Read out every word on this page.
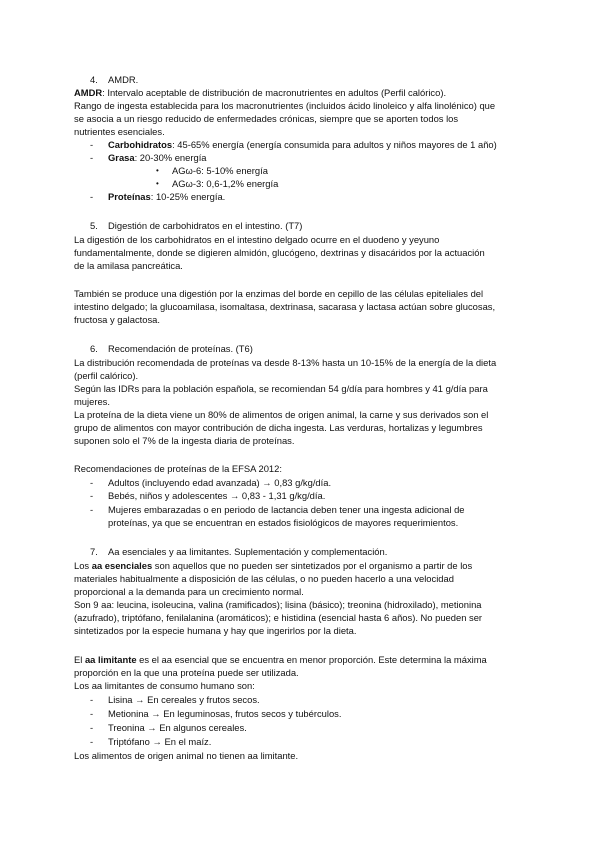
4. AMDR.
AMDR: Intervalo aceptable de distribución de macronutrientes en adultos (Perfil calórico).
Rango de ingesta establecida para los macronutrientes (incluidos ácido linoleico y alfa linolénico) que
se asocia a un riesgo reducido de enfermedades crónicas, siempre que se aporten todos los
nutrientes esenciales.
- Carbohidratos: 45-65% energía (energía consumida para adultos y niños mayores de 1 año)
- Grasa: 20-30% energía
• AGω-6: 5-10% energía
• AGω-3: 0,6-1,2% energía
- Proteínas: 10-25% energía.
5. Digestión de carbohidratos en el intestino. (T7)
La digestión de los carbohidratos en el intestino delgado ocurre en el duodeno y yeyuno
fundamentalmente, donde se digieren almidón, glucógeno, dextrinas y disacáridos por la actuación
de la amilasa pancreática.
También se produce una digestión por la enzimas del borde en cepillo de las células epiteliales del
intestino delgado; la glucoamilasa, isomaltasa, dextrinasa, sacarasa y lactasa actúan sobre glucosas,
fructosa y galactosa.
6. Recomendación de proteínas. (T6)
La distribución recomendada de proteínas va desde 8-13% hasta un 10-15% de la energía de la dieta
(perfil calórico).
Según las IDRs para la población española, se recomiendan 54 g/día para hombres y 41 g/día para
mujeres.
La proteína de la dieta viene un 80% de alimentos de origen animal, la carne y sus derivados son el
grupo de alimentos con mayor contribución de dicha ingesta. Las verduras, hortalizas y legumbres
suponen solo el 7% de la ingesta diaria de proteínas.
Recomendaciones de proteínas de la EFSA 2012:
- Adultos (incluyendo edad avanzada) → 0,83 g/kg/día.
- Bebés, niños y adolescentes → 0,83 - 1,31 g/kg/día.
- Mujeres embarazadas o en periodo de lactancia deben tener una ingesta adicional de
proteínas, ya que se encuentran en estados fisiológicos de mayores requerimientos.
7. Aa esenciales y aa limitantes. Suplementación y complementación.
Los aa esenciales son aquellos que no pueden ser sintetizados por el organismo a partir de los
materiales habitualmente a disposición de las células, o no pueden hacerlo a una velocidad
proporcional a la demanda para un crecimiento normal.
Son 9 aa: leucina, isoleucina, valina (ramificados); lisina (básico); treonina (hidroxilado), metionina
(azufrado), triptófano, fenilalanina (aromáticos); e histidina (esencial hasta 6 años). No pueden ser
sintetizados por la especie humana y hay que ingerirlos por la dieta.
El aa limitante es el aa esencial que se encuentra en menor proporción. Este determina la máxima
proporción en la que una proteína puede ser utilizada.
Los aa limitantes de consumo humano son:
- Lisina → En cereales y frutos secos.
- Metionina → En leguminosas, frutos secos y tubérculos.
- Treonina → En algunos cereales.
- Triptófano → En el maíz.
Los alimentos de origen animal no tienen aa limitante.
